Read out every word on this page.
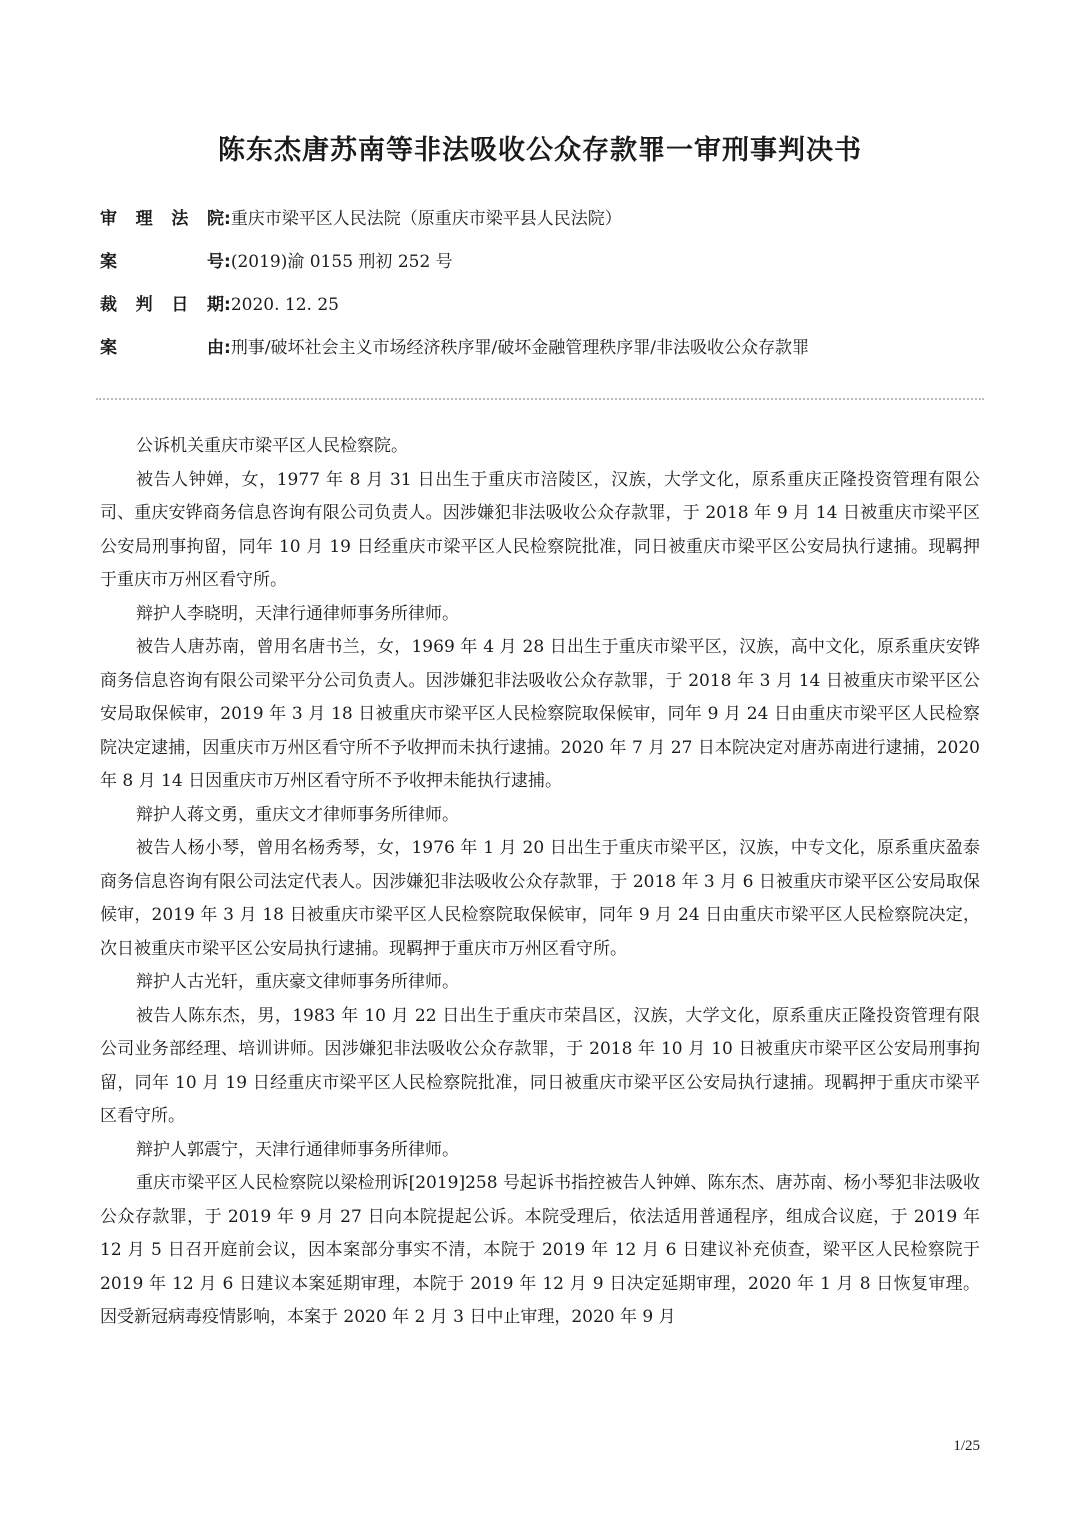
陈东杰唐苏南等非法吸收公众存款罪一审刑事判决书
审 理 法 院 : 重庆市梁平区人民法院（原重庆市梁平县人民法院）
案	号 : (2019)渝 0155 刑初 252 号
裁 判 日 期 : 2020. 12. 25
案	由 : 刑事/破坏社会主义市场经济秩序罪/破坏金融管理秩序罪/非法吸收公众存款罪

公诉机关重庆市梁平区人民检察院。

被告人钟婵，女，1977 年 8 月 31 日出生于重庆市涪陵区，汉族，大学文化，原系重庆正隆投资管理有限公司、重庆安铧商务信息咨询有限公司负责人。因涉嫌犯非法吸收公众存款罪，于 2018 年 9 月 14 日被重庆市梁平区公安局刑事拘留，同年 10 月 19 日经重庆市梁平区人民检察院批准，同日被重庆市梁平区公安局执行逮捕。现羁押于重庆市万州区看守所。

辩护人李晓明，天津行通律师事务所律师。

被告人唐苏南，曾用名唐书兰，女，1969 年 4 月 28 日出生于重庆市梁平区，汉族，高中文化，原系重庆安铧商务信息咨询有限公司梁平分公司负责人。因涉嫌犯非法吸收公众存款罪，于 2018 年 3 月 14 日被重庆市梁平区公安局取保候审，2019 年 3 月 18 日被重庆市梁平区人民检察院取保候审，同年 9 月 24 日由重庆市梁平区人民检察院决定逮捕，因重庆市万州区看守所不予收押而未执行逮捕。2020 年 7 月 27 日本院决定对唐苏南进行逮捕，2020 年 8 月 14 日因重庆市万州区看守所不予收押未能执行逮捕。

辩护人蒋文勇，重庆文才律师事务所律师。

被告人杨小琴，曾用名杨秀琴，女，1976 年 1 月 20 日出生于重庆市梁平区，汉族，中专文化，原系重庆盈泰商务信息咨询有限公司法定代表人。因涉嫌犯非法吸收公众存款罪，于 2018 年 3 月 6 日被重庆市梁平区公安局取保候审，2019 年 3 月 18 日被重庆市梁平区人民检察院取保候审，同年 9 月 24 日由重庆市梁平区人民检察院决定，次日被重庆市梁平区公安局执行逮捕。现羁押于重庆市万州区看守所。

辩护人古光轩，重庆豪文律师事务所律师。

被告人陈东杰，男，1983 年 10 月 22 日出生于重庆市荣昌区，汉族，大学文化，原系重庆正隆投资管理有限公司业务部经理、培训讲师。因涉嫌犯非法吸收公众存款罪，于 2018 年 10 月 10 日被重庆市梁平区公安局刑事拘留，同年 10 月 19 日经重庆市梁平区人民检察院批准，同日被重庆市梁平区公安局执行逮捕。现羁押于重庆市梁平区看守所。

辩护人郭震宁，天津行通律师事务所律师。

重庆市梁平区人民检察院以梁检刑诉[2019]258 号起诉书指控被告人钟婵、陈东杰、唐苏南、杨小琴犯非法吸收公众存款罪，于 2019 年 9 月 27 日向本院提起公诉。本院受理后，依法适用普通程序，组成合议庭，于 2019 年 12 月 5 日召开庭前会议，因本案部分事实不清，本院于 2019 年 12 月 6 日建议补充侦查，梁平区人民检察院于 2019 年 12 月 6 日建议本案延期审理，本院于 2019 年 12 月 9 日决定延期审理，2020 年 1 月 8 日恢复审理。因受新冠病毒疫情影响，本案于 2020 年 2 月 3 日中止审理，2020 年 9 月

1/25
